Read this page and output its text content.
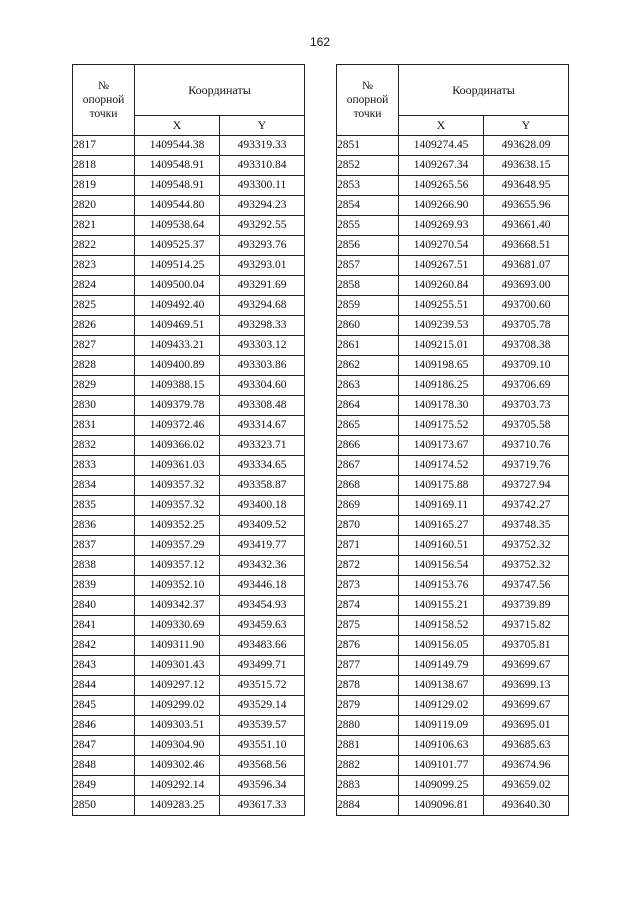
162
№
опорной
точки	Координаты	
	X	Y
2817	1409544.38	493319.33
2818	1409548.91	493310.84
2819	1409548.91	493300.11
2820	1409544.80	493294.23
2821	1409538.64	493292.55
2822	1409525.37	493293.76
2823	1409514.25	493293.01
2824	1409500.04	493291.69
2825	1409492.40	493294.68
2826	1409469.51	493298.33
2827	1409433.21	493303.12
2828	1409400.89	493303.86
2829	1409388.15	493304.60
2830	1409379.78	493308.48
2831	1409372.46	493314.67
2832	1409366.02	493323.71
2833	1409361.03	493334.65
2834	1409357.32	493358.87
2835	1409357.32	493400.18
2836	1409352.25	493409.52
2837	1409357.29	493419.77
2838	1409357.12	493432.36
2839	1409352.10	493446.18
2840	1409342.37	493454.93
2841	1409330.69	493459.63
2842	1409311.90	493483.66
2843	1409301.43	493499.71
2844	1409297.12	493515.72
2845	1409299.02	493529.14
2846	1409303.51	493539.57
2847	1409304.90	493551.10
2848	1409302.46	493568.56
2849	1409292.14	493596.34
2850	1409283.25	493617.33
№
опорной
точки	Координаты	
	X	Y
2851	1409274.45	493628.09
2852	1409267.34	493638.15
2853	1409265.56	493648.95
2854	1409266.90	493655.96
2855	1409269.93	493661.40
2856	1409270.54	493668.51
2857	1409267.51	493681.07
2858	1409260.84	493693.00
2859	1409255.51	493700.60
2860	1409239.53	493705.78
2861	1409215.01	493708.38
2862	1409198.65	493709.10
2863	1409186.25	493706.69
2864	1409178.30	493703.73
2865	1409175.52	493705.58
2866	1409173.67	493710.76
2867	1409174.52	493719.76
2868	1409175.88	493727.94
2869	1409169.11	493742.27
2870	1409165.27	493748.35
2871	1409160.51	493752.32
2872	1409156.54	493752.32
2873	1409153.76	493747.56
2874	1409155.21	493739.89
2875	1409158.52	493715.82
2876	1409156.05	493705.81
2877	1409149.79	493699.67
2878	1409138.67	493699.13
2879	1409129.02	493699.67
2880	1409119.09	493695.01
2881	1409106.63	493685.63
2882	1409101.77	493674.96
2883	1409099.25	493659.02
2884	1409096.81	493640.30
